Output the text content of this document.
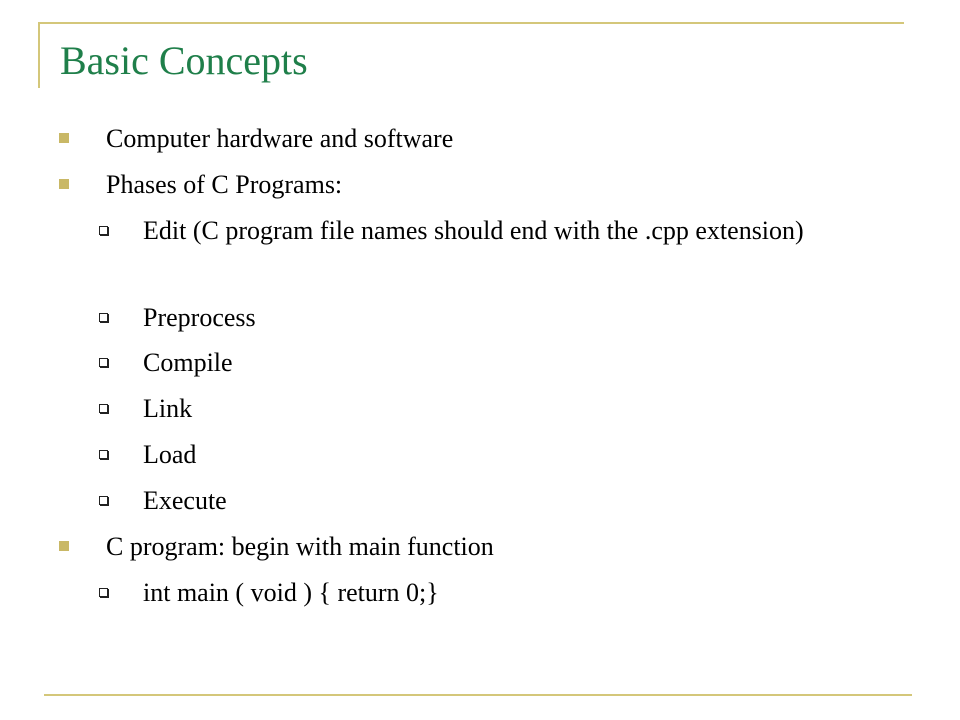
Basic Concepts
Computer hardware and software
Phases of C Programs:
Edit (C program file names should end with the .cpp extension)
Preprocess
Compile
Link
Load
Execute
C program: begin with main function
int main ( void ) { return 0;}
